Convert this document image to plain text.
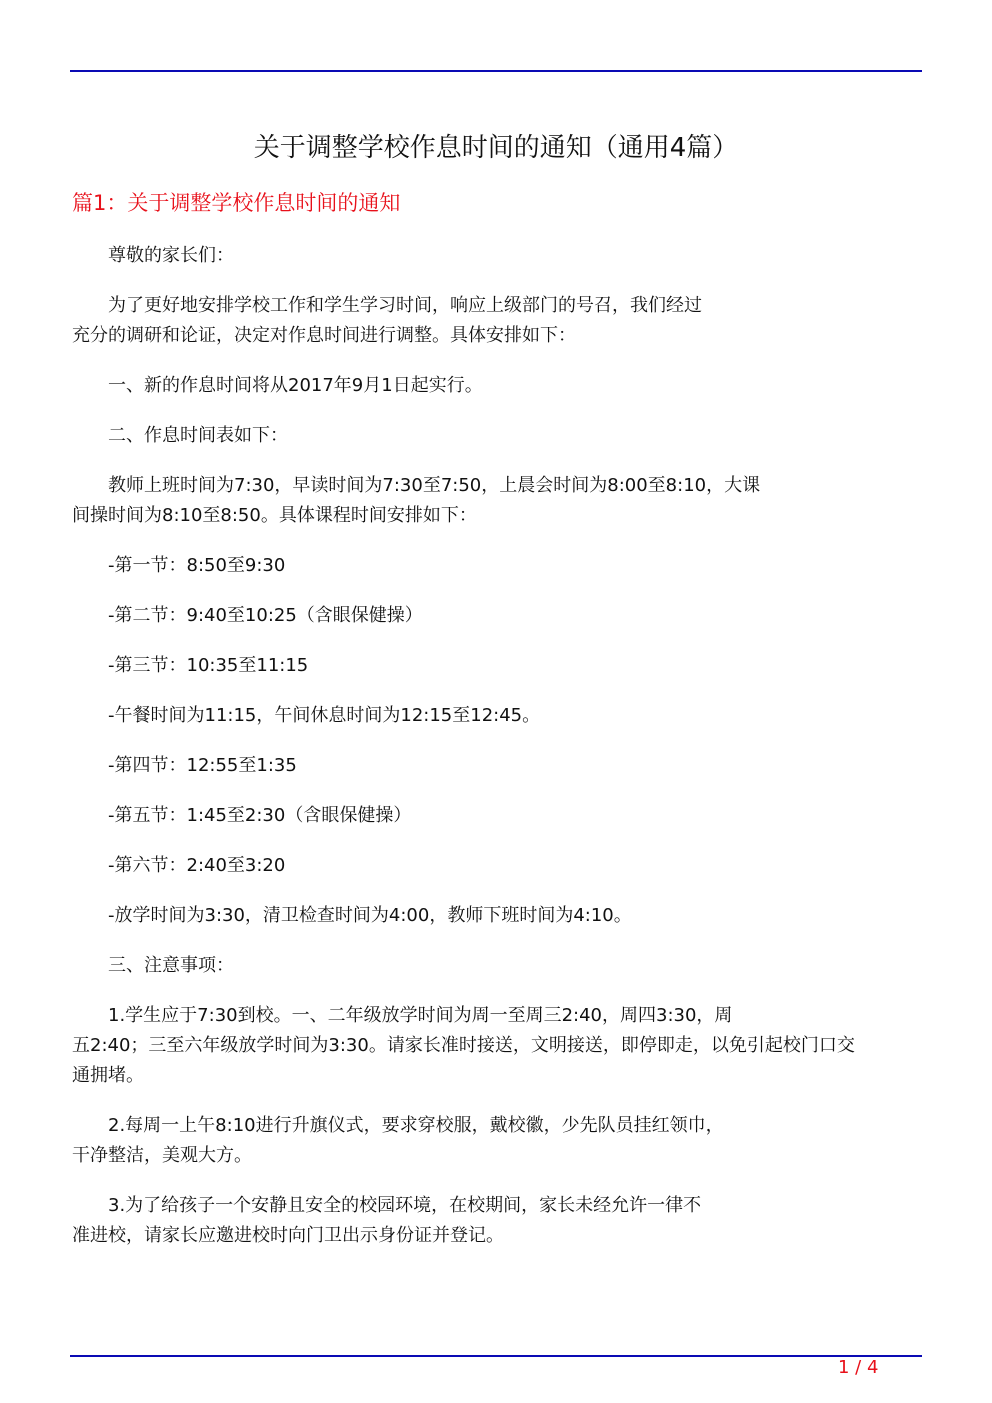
关于调整学校作息时间的通知（通用4篇）
篇1：关于调整学校作息时间的通知
尊敬的家长们：
为了更好地安排学校工作和学生学习时间，响应上级部门的号召，我们经过
充分的调研和论证，决定对作息时间进行调整。具体安排如下：
一、新的作息时间将从2017年9月1日起实行。
二、作息时间表如下：
教师上班时间为7:30，早读时间为7:30至7:50，上晨会时间为8:00至8:10，大课
间操时间为8:10至8:50。具体课程时间安排如下：
-第一节：8:50至9:30
-第二节：9:40至10:25（含眼保健操）
-第三节：10:35至11:15
-午餐时间为11:15，午间休息时间为12:15至12:45。
-第四节：12:55至1:35
-第五节：1:45至2:30（含眼保健操）
-第六节：2:40至3:20
-放学时间为3:30，清卫检查时间为4:00，教师下班时间为4:10。
三、注意事项：
1.学生应于7:30到校。一、二年级放学时间为周一至周三2:40，周四3:30，周
五2:40；三至六年级放学时间为3:30。请家长准时接送，文明接送，即停即走，以免引起校门口交
通拥堵。
2.每周一上午8:10进行升旗仪式，要求穿校服，戴校徽，少先队员挂红领巾，
干净整洁，美观大方。
3.为了给孩子一个安静且安全的校园环境，在校期间，家长未经允许一律不
准进校，请家长应邀进校时向门卫出示身份证并登记。
1 / 4
